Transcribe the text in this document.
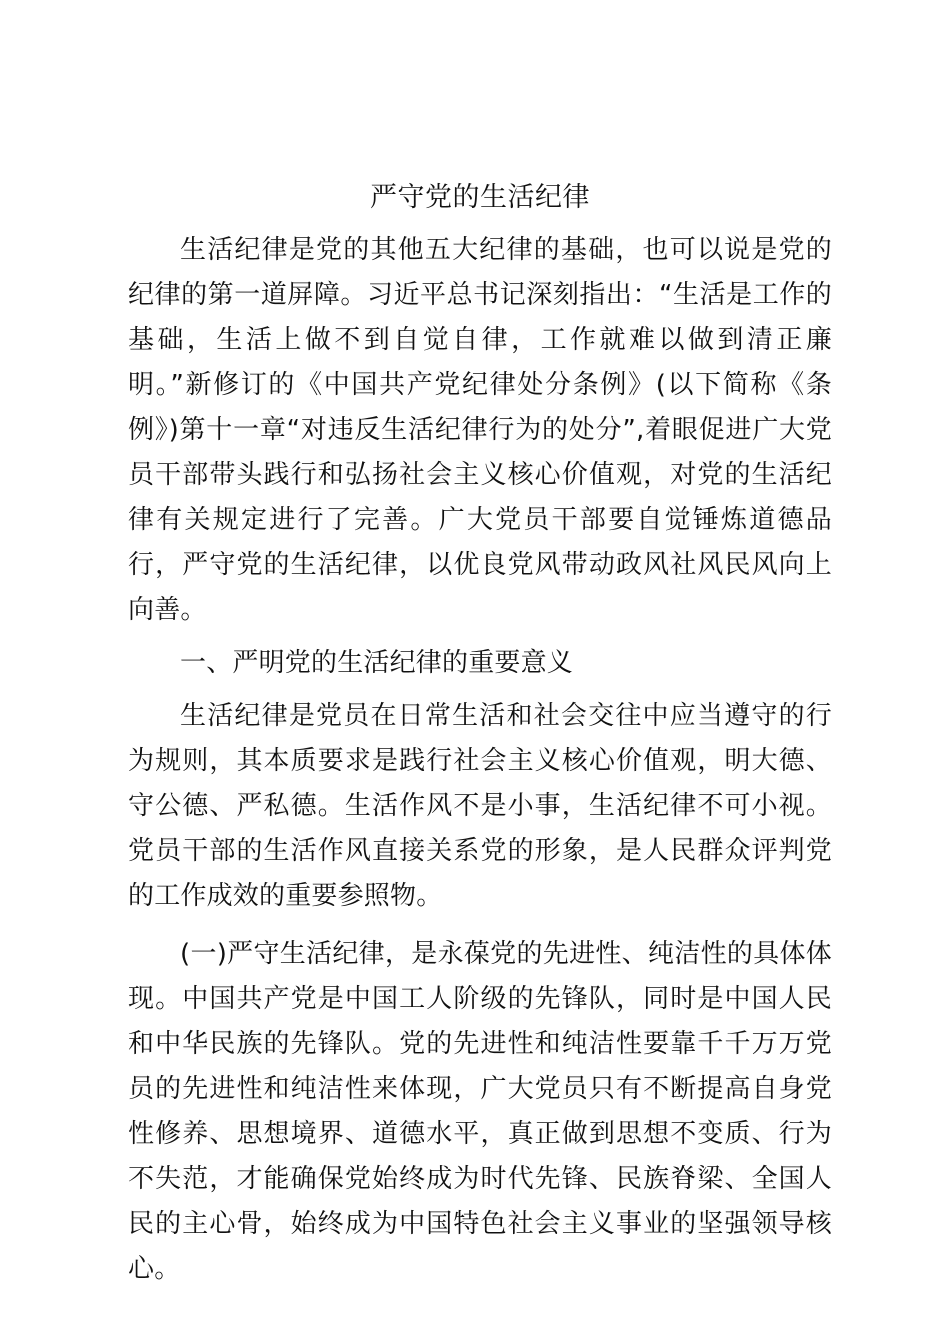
严守党的生活纪律

生活纪律是党的其他五大纪律的基础，也可以说是党的纪律的第一道屏障。习近平总书记深刻指出：“生活是工作的基础，生活上做不到自觉自律，工作就难以做到清正廉明。”新修订的《中国共产党纪律处分条例》(以下简称《条例》)第十一章“对违反生活纪律行为的处分”,着眼促进广大党员干部带头践行和弘扬社会主义核心价值观，对党的生活纪律有关规定进行了完善。广大党员干部要自觉锤炼道德品行，严守党的生活纪律，以优良党风带动政风社风民风向上向善。

一、严明党的生活纪律的重要意义

生活纪律是党员在日常生活和社会交往中应当遵守的行为规则，其本质要求是践行社会主义核心价值观，明大德、守公德、严私德。生活作风不是小事，生活纪律不可小视。党员干部的生活作风直接关系党的形象，是人民群众评判党的工作成效的重要参照物。

(一)严守生活纪律，是永葆党的先进性、纯洁性的具体体现。中国共产党是中国工人阶级的先锋队，同时是中国人民和中华民族的先锋队。党的先进性和纯洁性要靠千千万万党员的先进性和纯洁性来体现，广大党员只有不断提高自身党性修养、思想境界、道德水平，真正做到思想不变质、行为不失范，才能确保党始终成为时代先锋、民族脊梁、全国人民的主心骨，始终成为中国特色社会主义事业的坚强领导核心。
